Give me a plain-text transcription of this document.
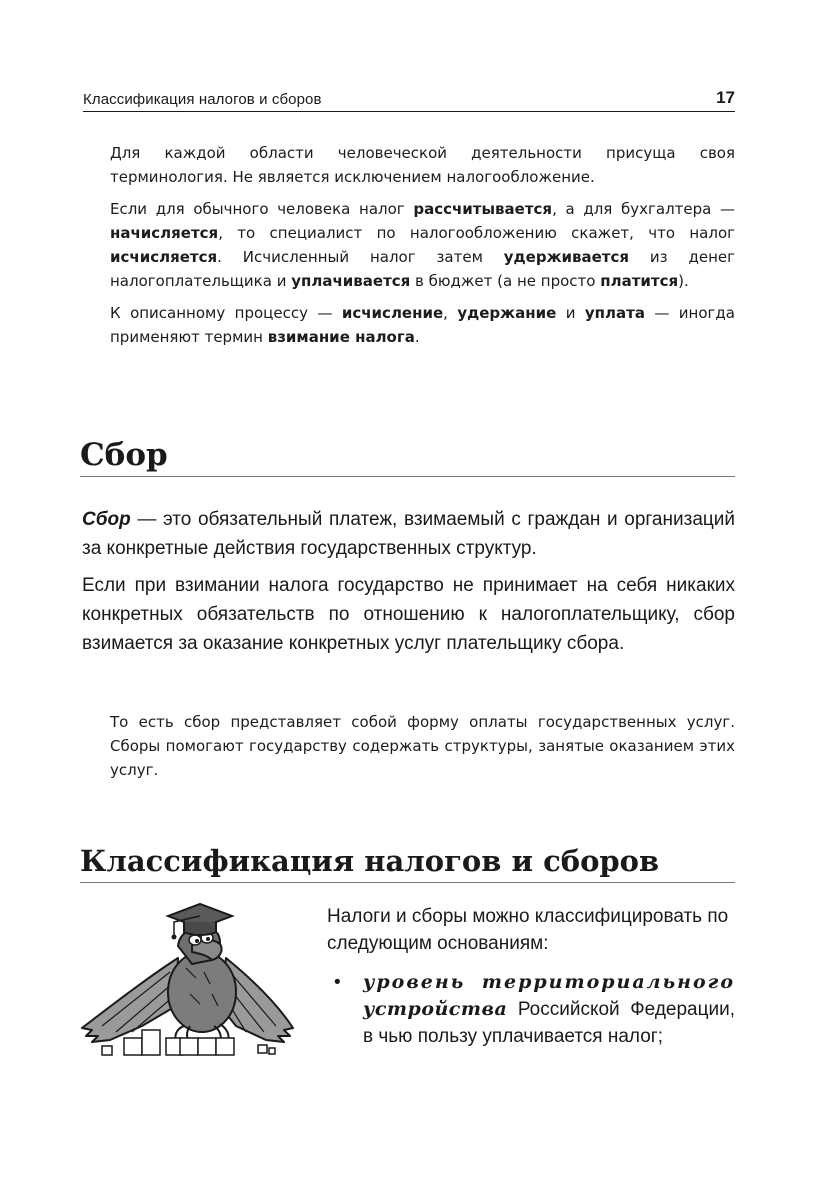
Классификация налогов и сборов	17

Для каждой области человеческой деятельности присуща своя терминология. Не является исключением налогообложение.

Если для обычного человека налог рассчитывается, а для бухгалтера — начисляется, то специалист по налогообложению скажет, что налог исчисляется. Исчисленный налог затем удерживается из денег налогоплательщика и уплачивается в бюджет (а не просто платится).

К описанному процессу — исчисление, удержание и уплата — иногда применяют термин взимание налога.

Сбор

Сбор — это обязательный платеж, взимаемый с граждан и организаций за конкретные действия государственных структур.

Если при взимании налога государство не принимает на себя никаких конкретных обязательств по отношению к налогоплательщику, сбор взимается за оказание конкретных услуг плательщику сбора.

То есть сбор представляет собой форму оплаты государственных услуг. Сборы помогают государству содержать структуры, занятые оказанием этих услуг.

Классификация налогов и сборов

Налоги и сборы можно классифицировать по следующим основаниям:

• уровень территориального устройства Российской Федерации, в чью пользу уплачивается налог;
